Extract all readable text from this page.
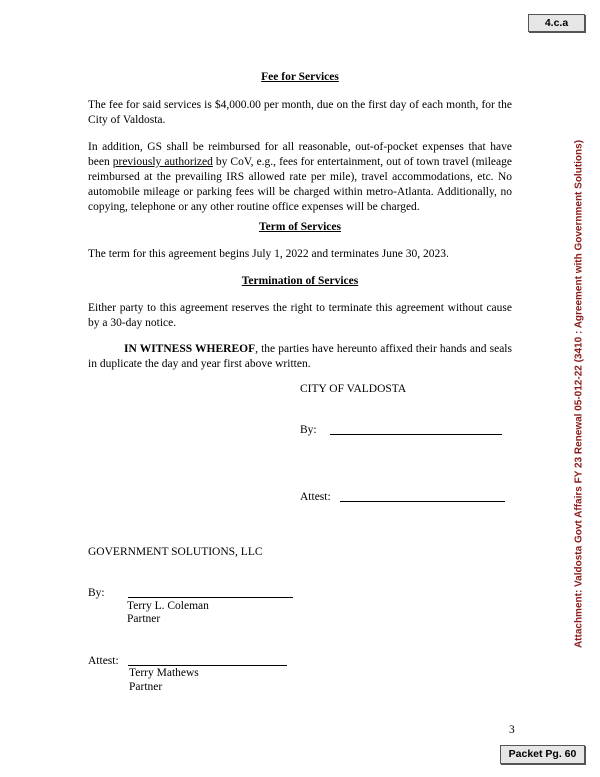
4.c.a
Attachment: Valdosta Govt Affairs FY 23 Renewal 05-012-22 (3410 : Agreement with Government Solutions)
Fee for Services

The fee for said services is $4,000.00 per month, due on the first day of each month, for the City of Valdosta.

In addition, GS shall be reimbursed for all reasonable, out-of-pocket expenses that have been previously authorized by CoV, e.g., fees for entertainment, out of town travel (mileage reimbursed at the prevailing IRS allowed rate per mile), travel accommodations, etc. No automobile mileage or parking fees will be charged within metro-Atlanta. Additionally, no copying, telephone or any other routine office expenses will be charged.

Term of Services

The term for this agreement begins July 1, 2022 and terminates June 30, 2023.

Termination of Services

Either party to this agreement reserves the right to terminate this agreement without cause by a 30-day notice.

IN WITNESS WHEREOF, the parties have hereunto affixed their hands and seals in duplicate the day and year first above written.

CITY OF VALDOSTA
By:
Attest:
GOVERNMENT SOLUTIONS, LLC
By:
Terry L. Coleman
Partner
Attest:
Terry Mathews
Partner
3
Packet Pg. 60
